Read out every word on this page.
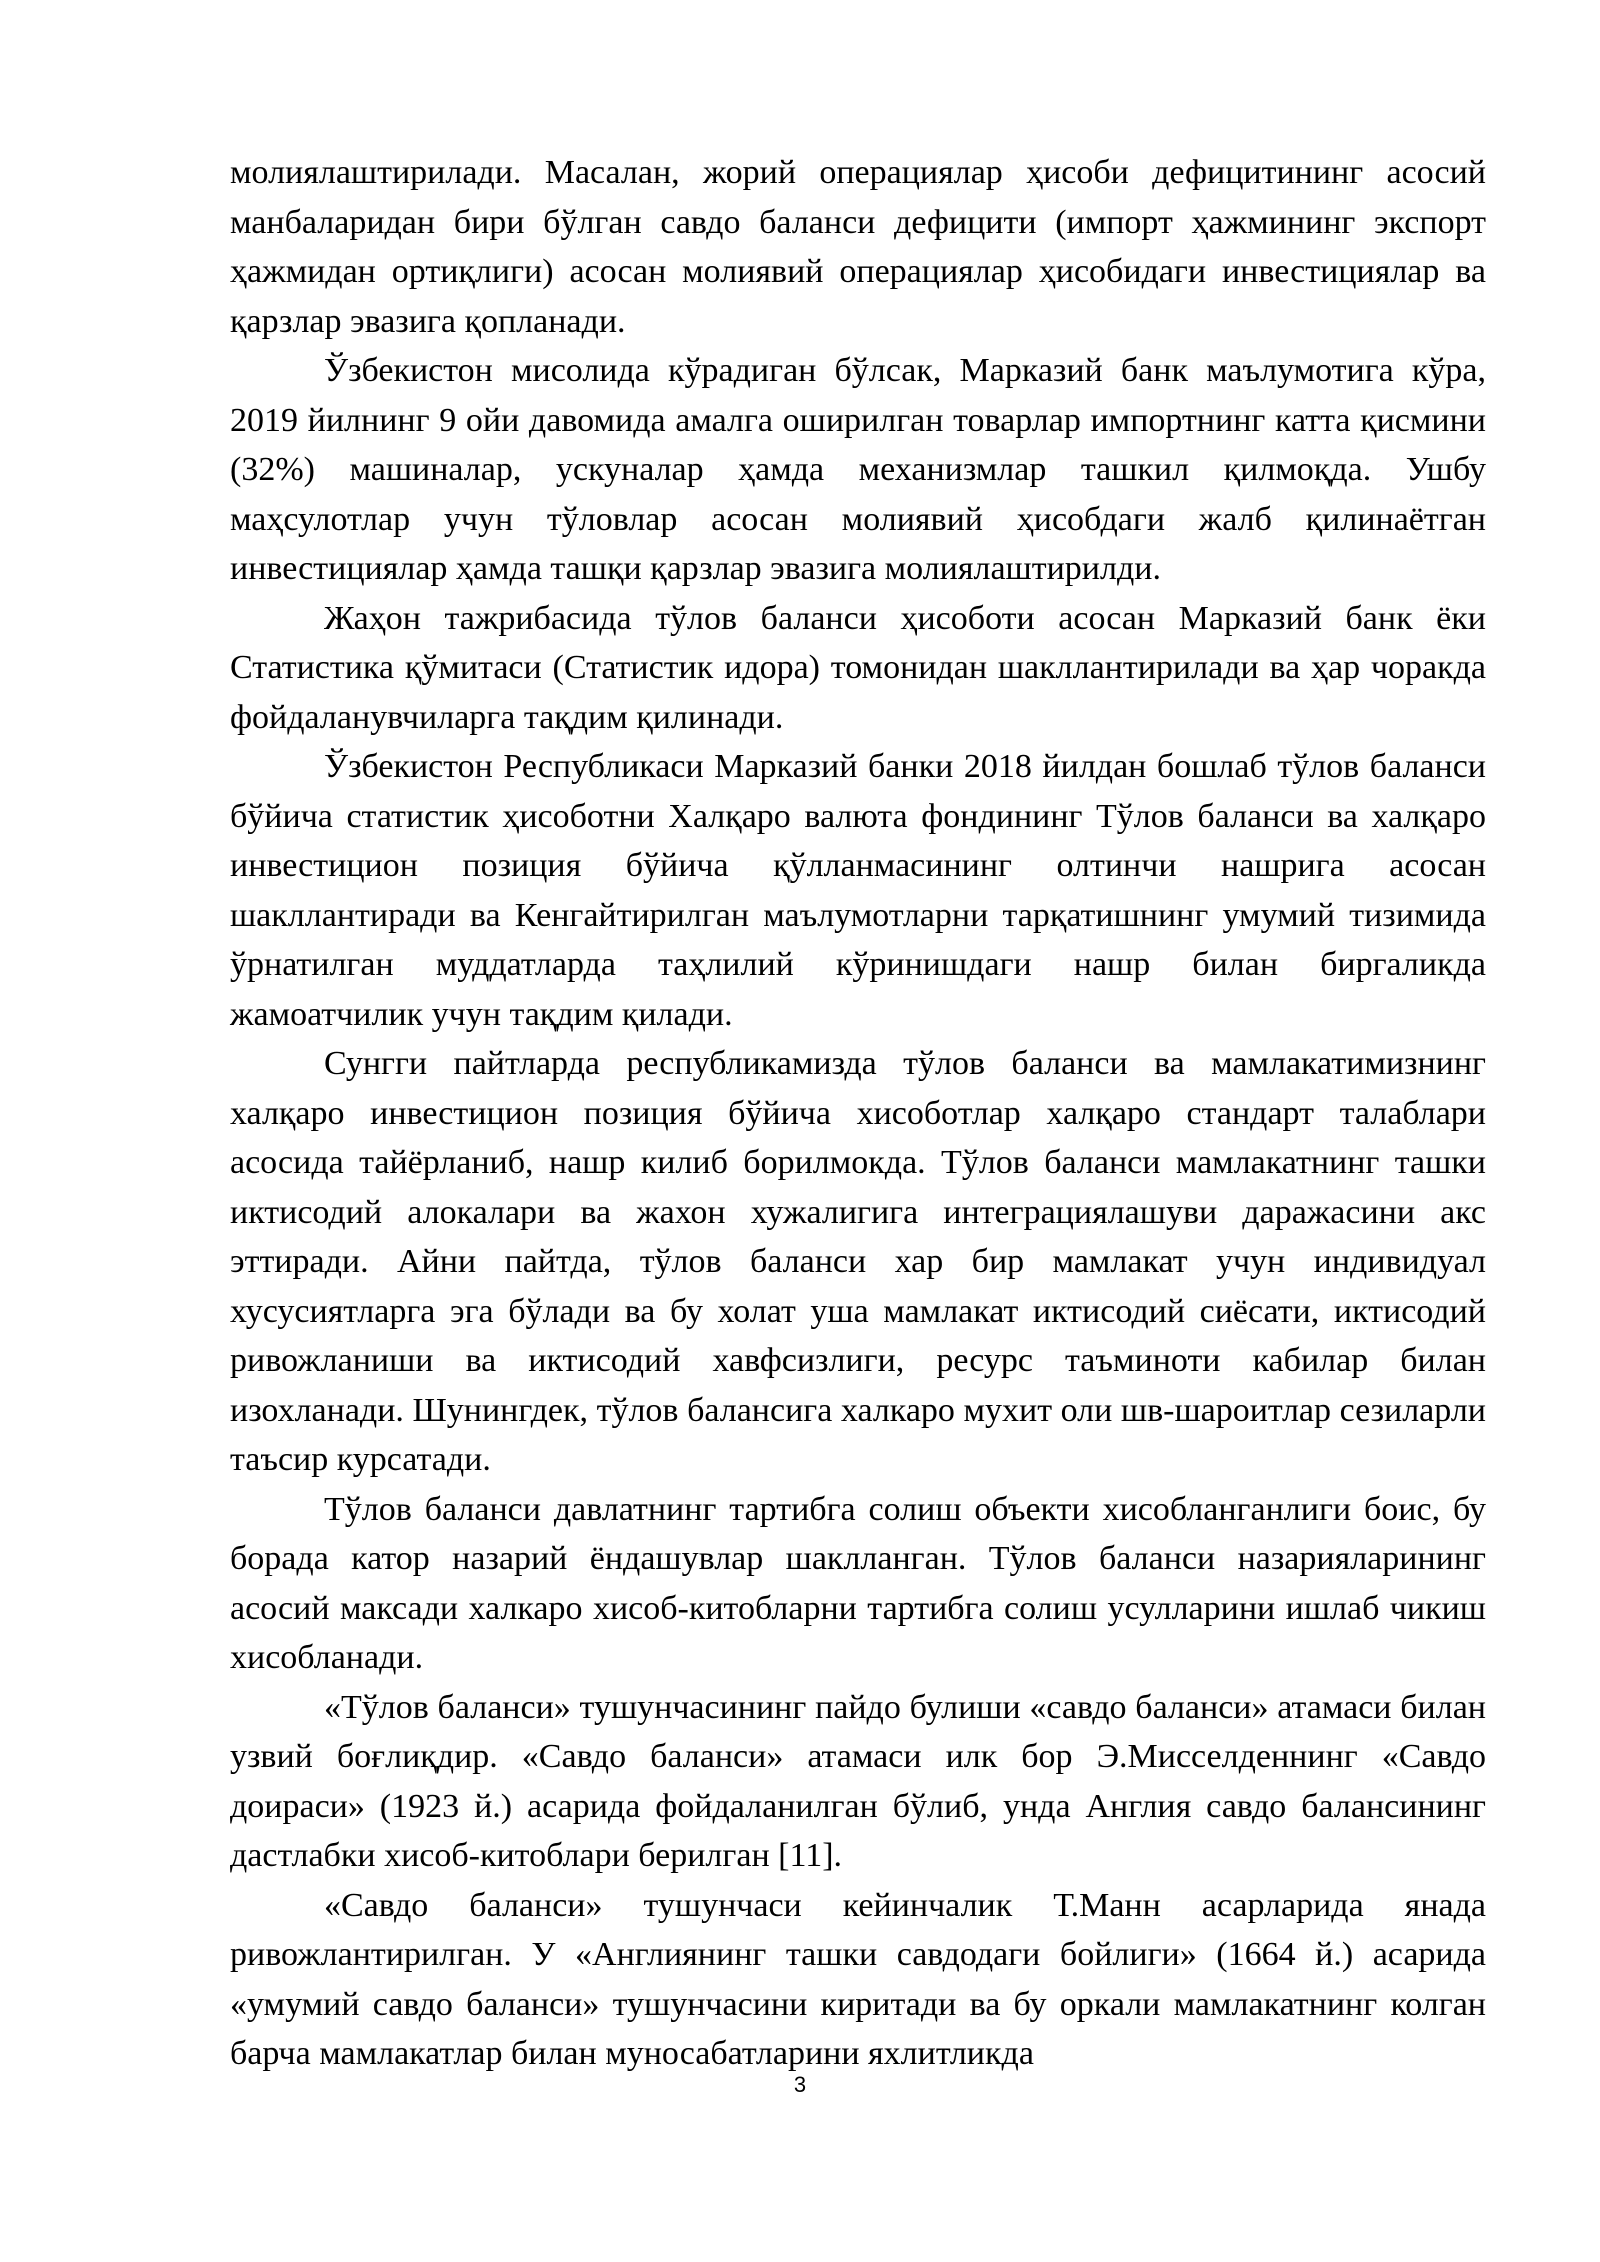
молиялаштирилади. Масалан, жорий операциялар ҳисоби дефицитининг асосий манбаларидан бири бўлган савдо баланси дефицити (импорт ҳажмининг экспорт ҳажмидан ортиқлиги) асосан молиявий операциялар ҳисобидаги инвестициялар ва қарзлар эвазига қопланади.

Ўзбекистон мисолида кўрадиган бўлсак, Марказий банк маълумотига кўра, 2019 йилнинг 9 ойи давомида амалга оширилган товарлар импортнинг катта қисмини (32%) машиналар, ускуналар ҳамда механизмлар ташкил қилмоқда. Ушбу маҳсулотлар учун тўловлар асосан молиявий ҳисобдаги жалб қилинаётган инвестициялар ҳамда ташқи қарзлар эвазига молиялаштирилди.

Жаҳон тажрибасида тўлов баланси ҳисоботи асосан Марказий банк ёки Статистика қўмитаси (Статистик идора) томонидан шакллантирилади ва ҳар чоракда фойдаланувчиларга тақдим қилинади.

Ўзбекистон Республикаси Марказий банки 2018 йилдан бошлаб тўлов баланси бўйича статистик ҳисоботни Халқаро валюта фондининг Тўлов баланси ва халқаро инвестицион позиция бўйича қўлланмасининг олтинчи нашрига асосан шакллантиради ва Кенгайтирилган маълумотларни тарқатишнинг умумий тизимида ўрнатилган муддатларда таҳлилий кўринишдаги нашр билан биргаликда жамоатчилик учун тақдим қилади.

Сунгги пайтларда республикамизда тўлов баланси ва мамлакатимизнинг халқаро инвестицион позиция бўйича хисоботлар халқаро стандарт талаблари асосида тайёрланиб, нашр килиб борилмокда. Тўлов баланси мамлакатнинг ташки иктисодий алокалари ва жахон хужалигига интеграциялашуви даражасини акс эттиради. Айни пайтда, тўлов баланси хар бир мамлакат учун индивидуал хусусиятларга эга бўлади ва бу холат уша мамлакат иктисодий сиёсати, иктисодий ривожланиши ва иктисодий хавфсизлиги, ресурс таъминоти кабилар билан изохланади. Шунингдек, тўлов балансига халкаро мухит оли шв-шароитлар сезиларли таъсир курсатади.

Тўлов баланси давлатнинг тартибга солиш объекти хисобланганлиги боис, бу борада катор назарий ёндашувлар шаклланган. Тўлов баланси назарияларининг асосий максади халкаро хисоб-китобларни тартибга солиш усулларини ишлаб чикиш хисобланади.

«Тўлов баланси» тушунчасининг пайдо булиши «савдо баланси» атамаси билан узвий боғлиқдир. «Савдо баланси» атамаси илк бор Э.Мисселденнинг «Савдо доираси» (1923 й.) асарида фойдаланилган бўлиб, унда Англия савдо балансининг дастлабки хисоб-китоблари берилган [11].

«Савдо баланси» тушунчаси кейинчалик Т.Манн асарларида янада ривожлантирилган. У «Англиянинг ташки савдодаги бойлиги» (1664 й.) асарида «умумий савдо баланси» тушунчасини киритади ва бу оркали мамлакатнинг колган барча мамлакатлар билан муносабатларини яхлитликда

3
